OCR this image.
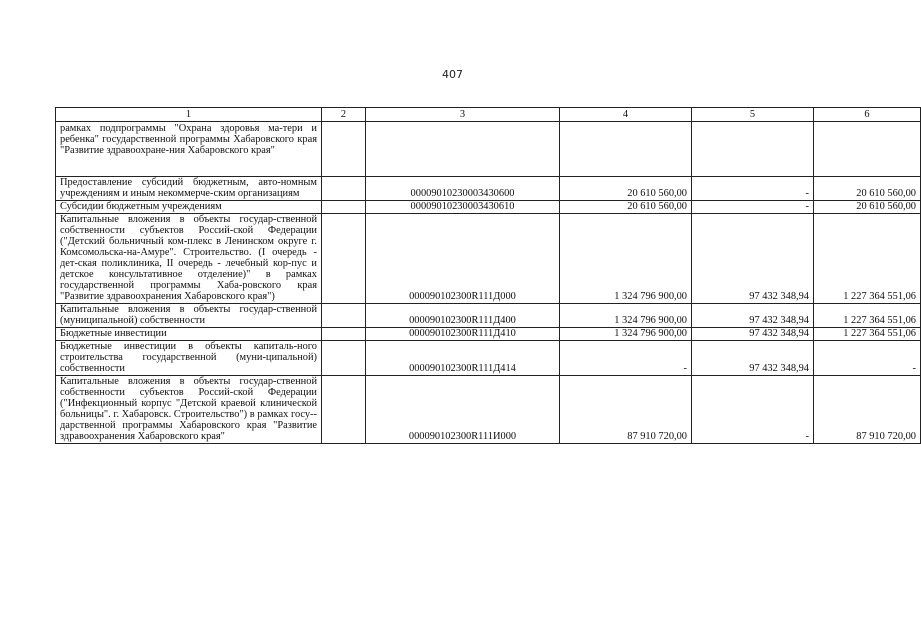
407
1	2	3	4	5	6
рамках подпрограммы "Охрана здоровья ма-тери и ребенка" государственной программы Хабаровского края "Развитие здравоохране-ния Хабаровского края"					
Предоставление субсидий бюджетным, авто-номным учреждениям и иным некоммерче-ским организациям		00009010230003430600	20 610 560,00	-	20 610 560,00
Субсидии бюджетным учреждениям		00009010230003430610	20 610 560,00	-	20 610 560,00
Капитальные вложения в объекты государ-ственной собственности субъектов Россий-ской Федерации ("Детский больничный ком-плекс в Ленинском округе г. Комсомольска-на-Амуре". Строительство. (I очередь - дет-ская поликлиника, II очередь - лечебный кор-пус и детское консультативное отделение)" в рамках государственной программы Хаба-ровского края "Развитие здравоохранения Хабаровского края")		000090102300R111Д000	1 324 796 900,00	97 432 348,94	1 227 364 551,06
Капитальные вложения в объекты государ-ственной (муниципальной) собственности		000090102300R111Д400	1 324 796 900,00	97 432 348,94	1 227 364 551,06
Бюджетные инвестиции		000090102300R111Д410	1 324 796 900,00	97 432 348,94	1 227 364 551,06
Бюджетные инвестиции в объекты капиталь-ного строительства государственной (муни-ципальной) собственности		000090102300R111Д414	-	97 432 348,94	-
Капитальные вложения в объекты государ-ственной собственности субъектов Россий-ской Федерации ("Инфекционный корпус "Детской краевой клинической больницы". г. Хабаровск. Строительство") в рамках госу-дарственной программы Хабаровского края "Развитие здравоохранения Хабаровского края"		000090102300R111И000	87 910 720,00	-	87 910 720,00
